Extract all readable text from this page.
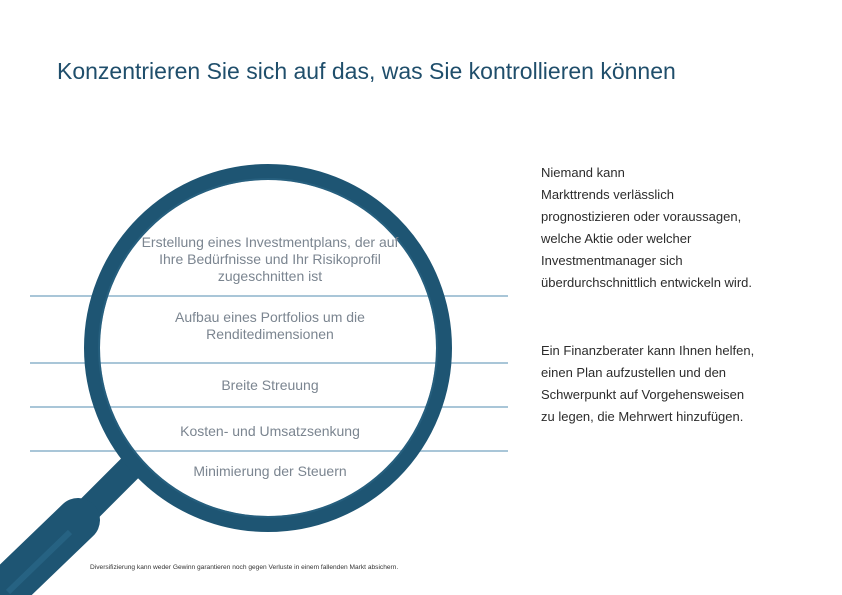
Konzentrieren Sie sich auf das, was Sie kontrollieren können
Erstellung eines Investmentplans, der auf Ihre Bedürfnisse und Ihr Risikoprofil zugeschnitten ist
Aufbau eines Portfolios um die Renditedimensionen
Breite Streuung
Kosten- und Umsatzsenkung
Minimierung der Steuern
Niemand kann
Markttrends verlässlich
prognostizieren oder voraussagen,
welche Aktie oder welcher
Investmentmanager sich
überdurchschnittlich entwickeln wird.
Ein Finanzberater kann Ihnen helfen,
einen Plan aufzustellen und den
Schwerpunkt auf Vorgehensweisen
zu legen, die Mehrwert hinzufügen.
Diversifizierung kann weder Gewinn garantieren noch gegen Verluste in einem fallenden Markt absichern.
